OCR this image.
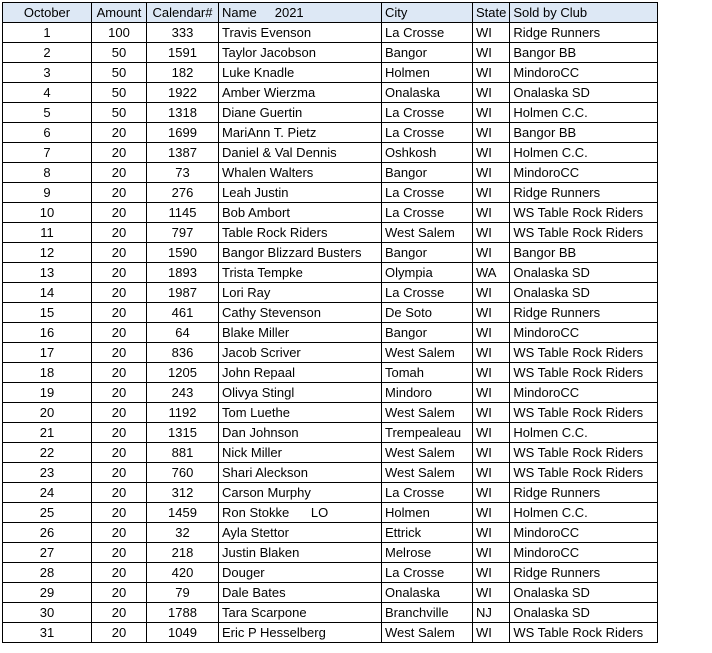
October	Amount	Calendar#	Name     2021	City	State	Sold by Club
1	100	333	Travis Evenson	La Crosse	WI	Ridge Runners
2	50	1591	Taylor Jacobson	Bangor	WI	Bangor BB
3	50	182	Luke Knadle	Holmen	WI	MindoroCC
4	50	1922	Amber Wierzma	Onalaska	WI	Onalaska SD
5	50	1318	Diane Guertin	La Crosse	WI	Holmen C.C.
6	20	1699	MariAnn T. Pietz	La Crosse	WI	Bangor BB
7	20	1387	Daniel & Val Dennis	Oshkosh	WI	Holmen C.C.
8	20	73	Whalen Walters	Bangor	WI	MindoroCC
9	20	276	Leah Justin	La Crosse	WI	Ridge Runners
10	20	1145	Bob Ambort	La Crosse	WI	WS Table Rock Riders
11	20	797	Table Rock Riders	West Salem	WI	WS Table Rock Riders
12	20	1590	Bangor Blizzard Busters	Bangor	WI	Bangor BB
13	20	1893	Trista Tempke	Olympia	WA	Onalaska SD
14	20	1987	Lori Ray	La Crosse	WI	Onalaska SD
15	20	461	Cathy Stevenson	De Soto	WI	Ridge Runners
16	20	64	Blake Miller	Bangor	WI	MindoroCC
17	20	836	Jacob Scriver	West Salem	WI	WS Table Rock Riders
18	20	1205	John Repaal	Tomah	WI	WS Table Rock Riders
19	20	243	Olivya Stingl	Mindoro	WI	MindoroCC
20	20	1192	Tom Luethe	West Salem	WI	WS Table Rock Riders
21	20	1315	Dan Johnson	Trempealeau	WI	Holmen C.C.
22	20	881	Nick Miller	West Salem	WI	WS Table Rock Riders
23	20	760	Shari Aleckson	West Salem	WI	WS Table Rock Riders
24	20	312	Carson Murphy	La Crosse	WI	Ridge Runners
25	20	1459	Ron Stokke      LO	Holmen	WI	Holmen C.C.
26	20	32	Ayla Stettor	Ettrick	WI	MindoroCC
27	20	218	Justin Blaken	Melrose	WI	MindoroCC
28	20	420	Douger	La Crosse	WI	Ridge Runners
29	20	79	Dale Bates	Onalaska	WI	Onalaska SD
30	20	1788	Tara Scarpone	Branchville	NJ	Onalaska SD
31	20	1049	Eric P Hesselberg	West Salem	WI	WS Table Rock Riders
